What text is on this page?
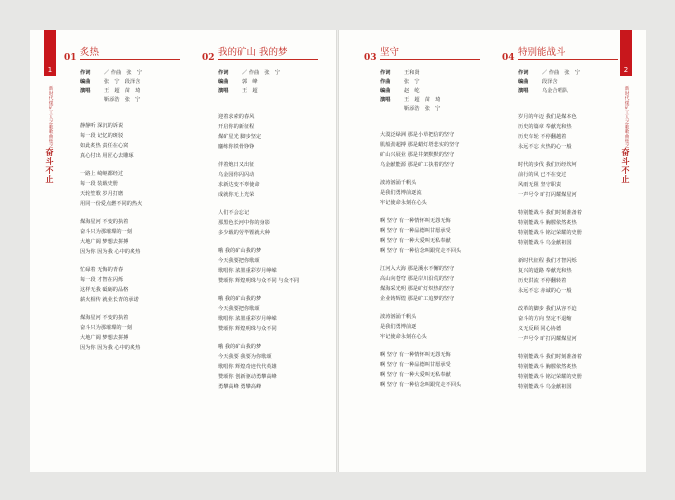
1
新时代煤矿工人之歌歌曲集之
奋斗不止
2
新时代煤矿工人之歌歌曲集之
奋斗不止
01 炙热
作词	／ 作曲　张　宁
编曲	张　宁　段泽含
演唱	王　超　苗　琦
靳添浩　张　宁
静静听 深沉的诉说
每一段 记忆的斑驳
如此炙热 责任在心窝
真心付出 用匠心去雕琢
一路上 崎岖都经过
每一段 装载史册
天轮笙歌 岁月打磨
用同一份爱点燃不同的热火
煤海星河 不变的执着
奋斗只为那璀璨的一刻
大地广阔 梦想去拼搏
因为你 因为我 心中的炙热
忙碌着 无悔的青春
每一段 才智在闪烁
这样无我 砥砺的品格
薪火相传 就业长青的承诺
煤海星河 不变的执着
奋斗只为那璀璨的一刻
大地广阔 梦想去拼搏
因为你 因为我 心中的炙热
02 我的矿山 我的梦
作词	／ 作曲　张　宁
编曲	郭　峰
演唱	王　超
迎着求索的春风
开启你的新征程
煤矿星光 脚步坚定
鏖练你铁骨铮铮
伴着炮日又出征
乌金园你闪闪动
求新达变不辜使命
成就你无上光荣
人们不会忘记
那黑色长河中你的身影
多少载的劳毕铿就大种
哦 我的矿山我的梦
今天我要把你歌颂
歌唱你 浓墨重彩岁月峥嵘
赞颂你 辉煌明珠与众不同 与众不同
哦 我的矿山我的梦
今天我要把你歌颂
歌唱你 浓墨重彩岁月峥嵘
赞颂你 辉煌明珠与众不同
哦 我的矿山我的梦
今天我要 我要为你歌颂
歌唱你 辉煌奇迹代代英雄
赞颂你 创新驱动勇攀高峰
勇攀高峰 勇攀高峰
03 坚守
作词	王和贤
作曲	张　宁
编曲	赵　屹
演唱	王　超　苗　琦
靳添浩　张　宁
大漠泛绿洲 那是小草把信的坚守
肌船劲超搏 那是蜡灯塔悲实的坚守
矿山兴展业 那是井架默默的坚守
乌金献能源 那是矿工执着的坚守
波涛汹涌千帆头
是我们勇博前逐流
牢记使命永刻在心头
啊 坚守 有一种情怀叫无怨无悔
啊 坚守 有一种品德叫甘愿承受
啊 坚守 有一种大爱叫无私奉献
啊 坚守 有一种信念叫跟党走不回头
江河入大海 那是溪水不懈的坚守
高山向苍穹 那是岸川沿荒的坚守
煤海采光明 那是矿灯炽热的坚守
企业铸辉煌 那是矿工追梦的坚守
波涛汹涌千帆头
是我们勇博前逐
牢记使命永刻在心头
啊 坚守 有一种情怀叫无怨无悔
啊 坚守 有一种品德叫甘愿承受
啊 坚守 有一种大爱叫无私奉献
啊 坚守 有一种信念叫跟党走不回头
04 特别能战斗
作词	／ 作曲　张　宁
编曲	段泽含
演唱	乌金合唱队
岁月的年迈 我们是煤本色
历史的篇章 奉献光和热
历史车轮 不停翻越着
永远不忘 火热的心一般
时代的步伐 我们历经坎坷
前行的风 已不在变过
风雨无阻 坚守职责
一声号令 旷打闪耀煤星河
特别能战斗 我们时刻准备着
特别能战斗 胸膛依然炙热
特别能战斗 铭记荣耀的史册
特别能战斗 乌金献祖国
新时代征程 我们才智闪烁
复兴的道路 奉献光和热
历史洪流 不停翻转着
永远不忘 赤诚的心一般
改革的脚步 我们从容不迫
奋斗的方向 坚定不退缩
义无反顾 同心协德
一声号令 旷打闪耀煤星河
特别能战斗 我们时刻准备着
特别能战斗 胸膛依然炙热
特别能战斗 铭记荣耀的史册
特别能战斗 乌金献祖国
